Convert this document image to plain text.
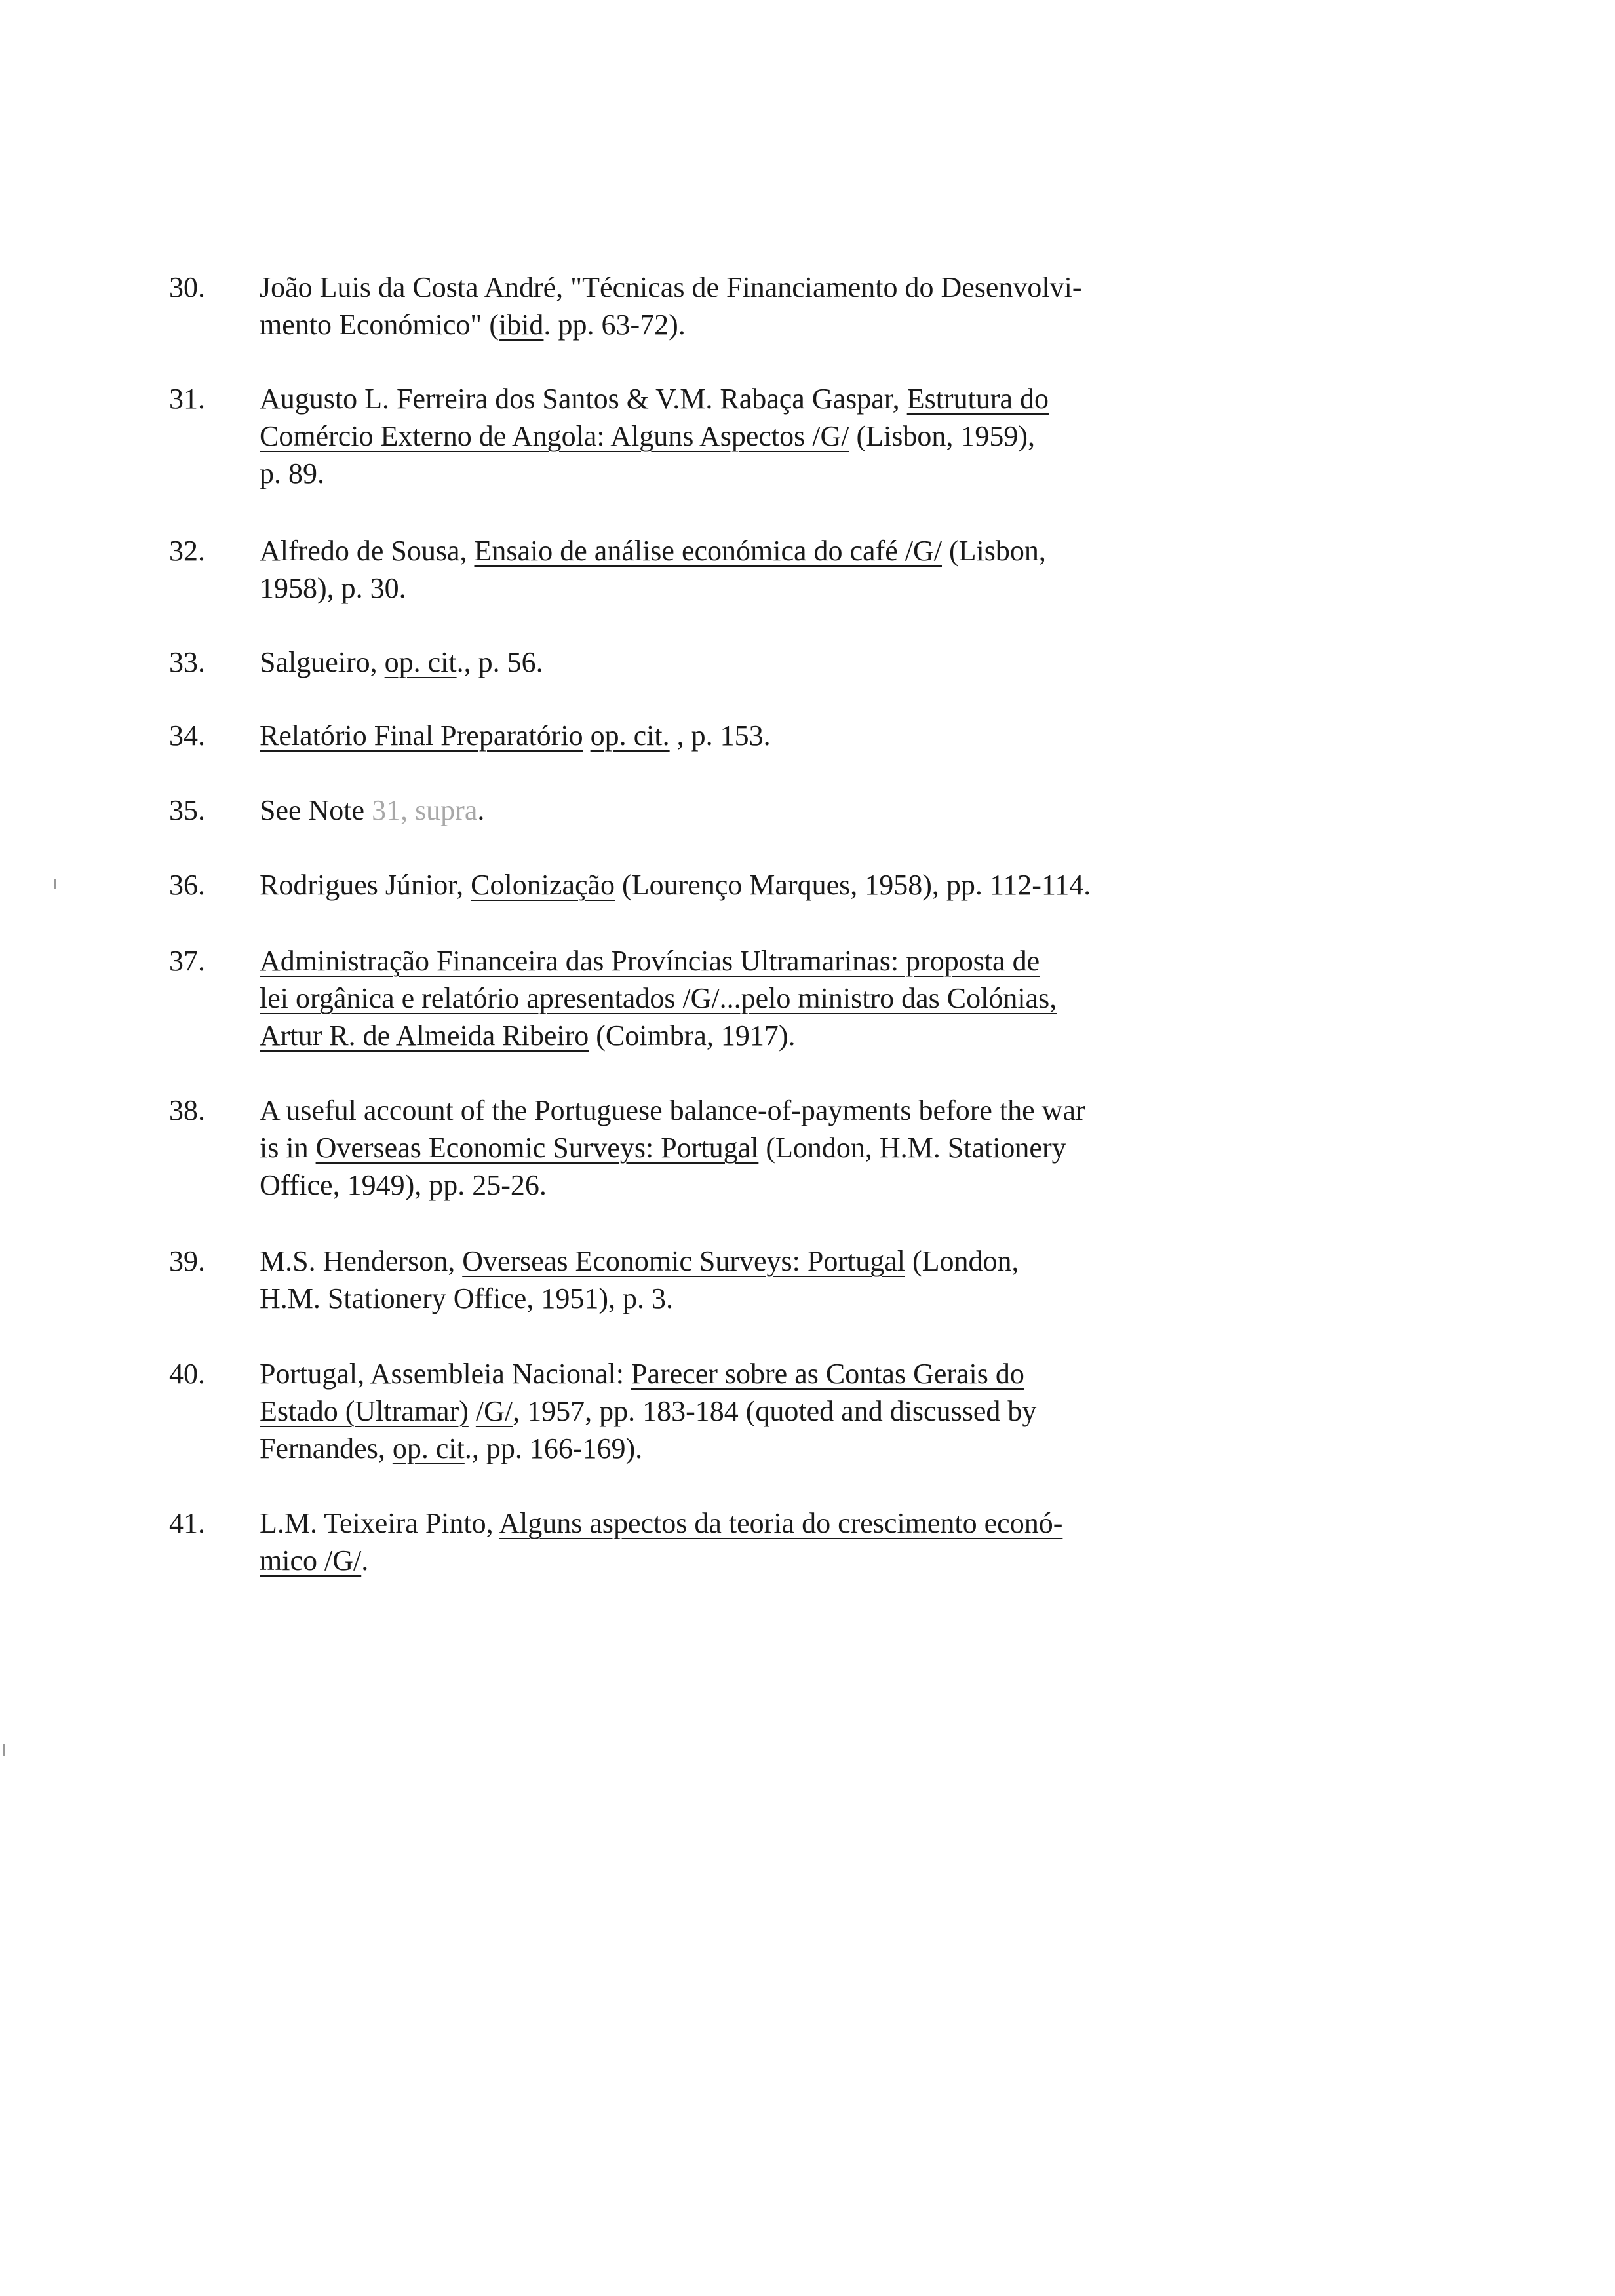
30.	João Luis da Costa André, "Técnicas de Financiamento do Desenvolvi-
mento Económico" (ibid. pp. 63-72).
31.	Augusto L. Ferreira dos Santos & V.M. Rabaça Gaspar, Estrutura do
Comércio Externo de Angola: Alguns Aspectos /G/ (Lisbon, 1959),
p. 89.
32.	Alfredo de Sousa, Ensaio de análise económica do café /G/ (Lisbon,
1958), p. 30.
33.	Salgueiro, op. cit., p. 56.
34.	Relatório Final Preparatório op. cit. , p. 153.
35.	See Note 31, supra.
36.	Rodrigues Júnior, Colonização (Lourenço Marques, 1958), pp. 112-114.
37.	Administração Financeira das Províncias Ultramarinas: proposta de
lei orgânica e relatório apresentados /G/...pelo ministro das Colónias,
Artur R. de Almeida Ribeiro (Coimbra, 1917).
38.	A useful account of the Portuguese balance-of-payments before the war
is in Overseas Economic Surveys: Portugal (London, H.M. Stationery
Office, 1949), pp. 25-26.
39.	M.S. Henderson, Overseas Economic Surveys: Portugal (London,
H.M. Stationery Office, 1951), p. 3.
40.	Portugal, Assembleia Nacional: Parecer sobre as Contas Gerais do
Estado (Ultramar) /G/, 1957, pp. 183-184 (quoted and discussed by
Fernandes, op. cit., pp. 166-169).
41.	L.M. Teixeira Pinto, Alguns aspectos da teoria do crescimento econó-
mico /G/.
